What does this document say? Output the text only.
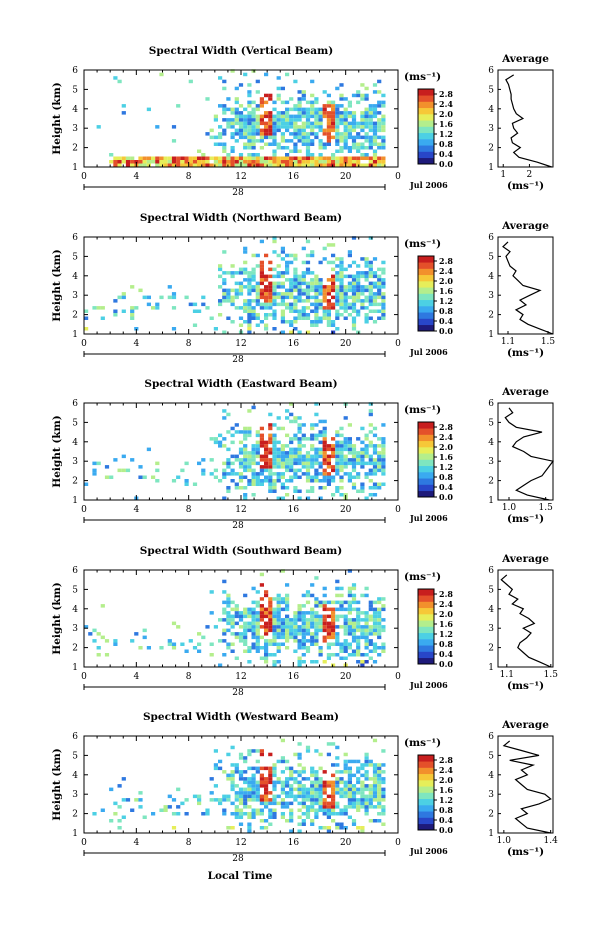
Spectral Width (Vertical Beam)
Height (km)
0	4	8	12	16	20	0
1
2
3
4
5
6
28
Jul 2006
(ms⁻¹)
0.0
0.4
0.8
1.2
1.6
2.0
2.4
2.8
Average
1
2
3
4
5
6
1 2
(ms⁻¹)
Spectral Width (Northward Beam)
Height (km)
0	4	8	12	16	20	0
1
2
3
4
5
6
28
Jul 2006
(ms⁻¹)
0.0
0.4
0.8
1.2
1.6
2.0
2.4
2.8
Average
1
2
3
4
5
6
1.1	1.5
(ms⁻¹)
Spectral Width (Eastward Beam)
Height (km)
0	4	8	12	16	20	0
1
2
3
4
5
6
28
Jul 2006
(ms⁻¹)
0.0
0.4
0.8
1.2
1.6
2.0
2.4
2.8
Average
1
2
3
4
5
6
1.0 1.5
(ms⁻¹)
Spectral Width (Southward Beam)
Height (km)
0	4	8	12	16	20	0
1
2
3
4
5
6
28
Jul 2006
(ms⁻¹)
0.0
0.4
0.8
1.2
1.6
2.0
2.4
2.8
Average
1
2
3
4
5
6
1.1	1.5
(ms⁻¹)
Spectral Width (Westward Beam)
Height (km)
0	4	8	12	16	20	0
1
2
3
4
5
6
28
Jul 2006
(ms⁻¹)
0.0
0.4
0.8
1.2
1.6
2.0
2.4
2.8
Average
1
2
3
4
5
6
1.0	1.4
(ms⁻¹)
Local Time
